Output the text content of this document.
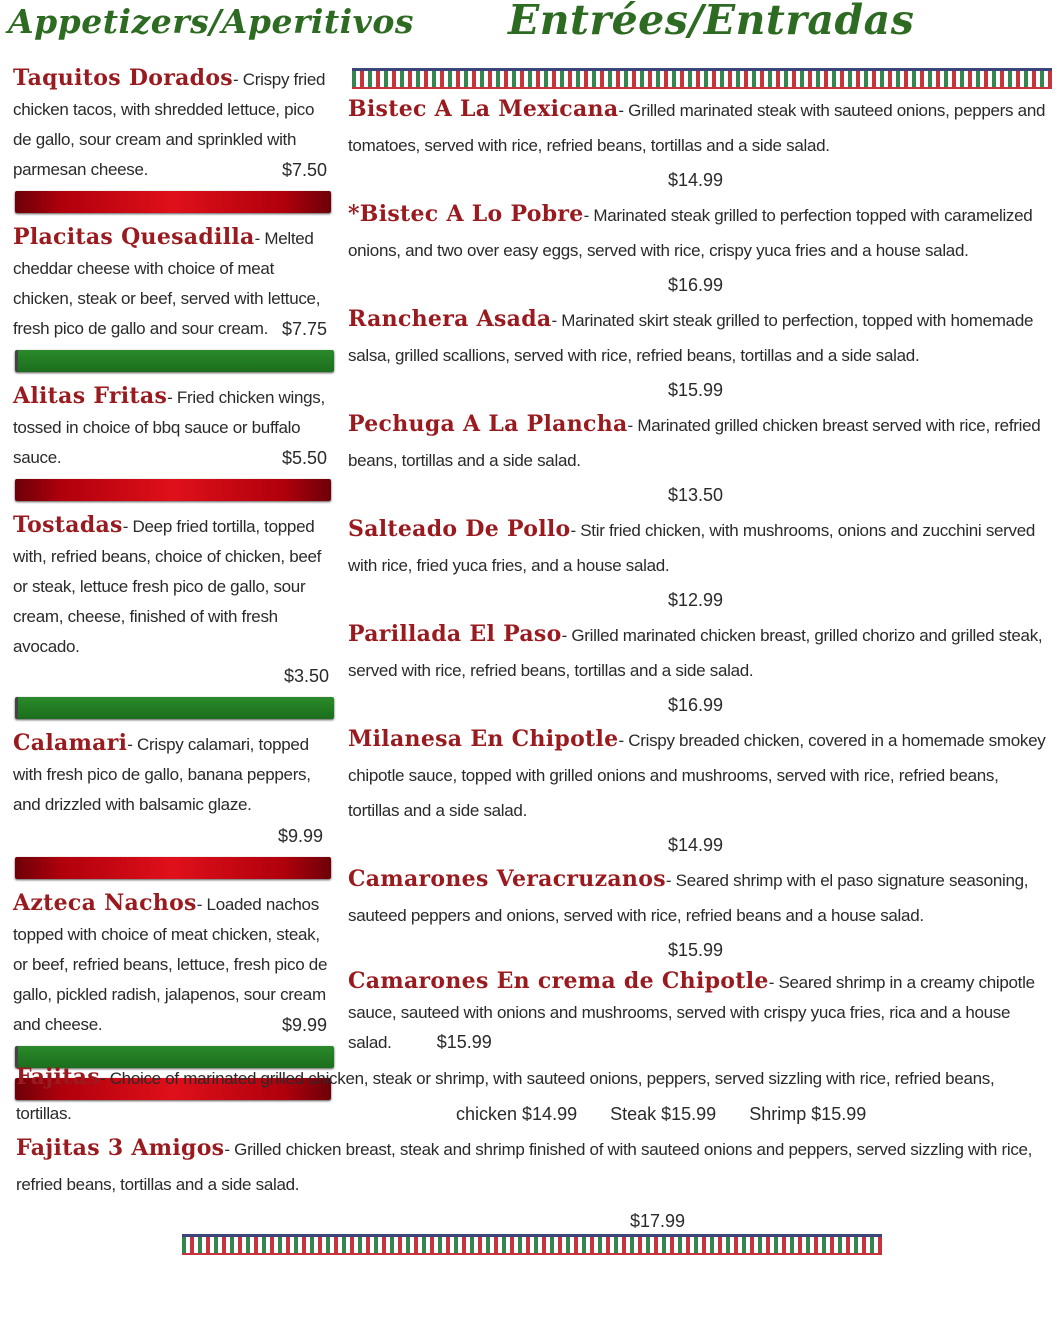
Appetizers/Aperitivos Entrées/Entradas
Taquitos Dorados- Crispy fried chicken tacos, with shredded lettuce, pico de gallo, sour cream and sprinkled with parmesan cheese.	$7.50
Placitas Quesadilla- Melted cheddar cheese with choice of meat chicken, steak or beef, served with lettuce, fresh pico de gallo and sour cream. $7.75
Alitas Fritas- Fried chicken wings, tossed in choice of bbq sauce or buffalo sauce.	$5.50
Tostadas- Deep fried tortilla, topped with, refried beans, choice of chicken, beef or steak, lettuce fresh pico de gallo, sour cream, cheese, finished of with fresh avocado.
$3.50
Calamari- Crispy calamari, topped with fresh pico de gallo, banana peppers, and drizzled with balsamic glaze.
$9.99
Azteca Nachos- Loaded nachos topped with choice of meat chicken, steak, or beef, refried beans, lettuce, fresh pico de gallo, pickled radish, jalapenos, sour cream and cheese.	$9.99
Bistec A La Mexicana- Grilled marinated steak with sauteed onions, peppers and tomatoes, served with rice, refried beans, tortillas and a side salad.
$14.99
*Bistec A Lo Pobre- Marinated steak grilled to perfection topped with caramelized onions, and two over easy eggs, served with rice, crispy yuca fries and a house salad.
$16.99
Ranchera Asada- Marinated skirt steak grilled to perfection, topped with homemade salsa, grilled scallions, served with rice, refried beans, tortillas and a side salad.
$15.99
Pechuga A La Plancha- Marinated grilled chicken breast served with rice, refried beans, tortillas and a side salad.
$13.50
Salteado De Pollo- Stir fried chicken, with mushrooms, onions and zucchini served with rice, fried yuca fries, and a house salad.
$12.99
Parillada El Paso- Grilled marinated chicken breast, grilled chorizo and grilled steak, served with rice, refried beans, tortillas and a side salad.
$16.99
Milanesa En Chipotle- Crispy breaded chicken, covered in a homemade smokey chipotle sauce, topped with grilled onions and mushrooms, served with rice, refried beans, tortillas and a side salad.
$14.99
Camarones Veracruzanos- Seared shrimp with el paso signature seasoning, sauteed peppers and onions, served with rice, refried beans and a house salad.
$15.99
Camarones En crema de Chipotle- Seared shrimp in a creamy chipotle sauce, sauteed with onions and mushrooms, served with crispy yuca fries, rica and a house salad.	$15.99
Fajitas- Choice of marinated grilled chicken, steak or shrimp, with sauteed onions, peppers, served sizzling with rice, refried beans, tortillas.	chicken $14.99 Steak $15.99 Shrimp $15.99
Fajitas 3 Amigos- Grilled chicken breast, steak and shrimp finished of with sauteed onions and peppers, served sizzling with rice, refried beans, tortillas and a side salad.
$17.99
